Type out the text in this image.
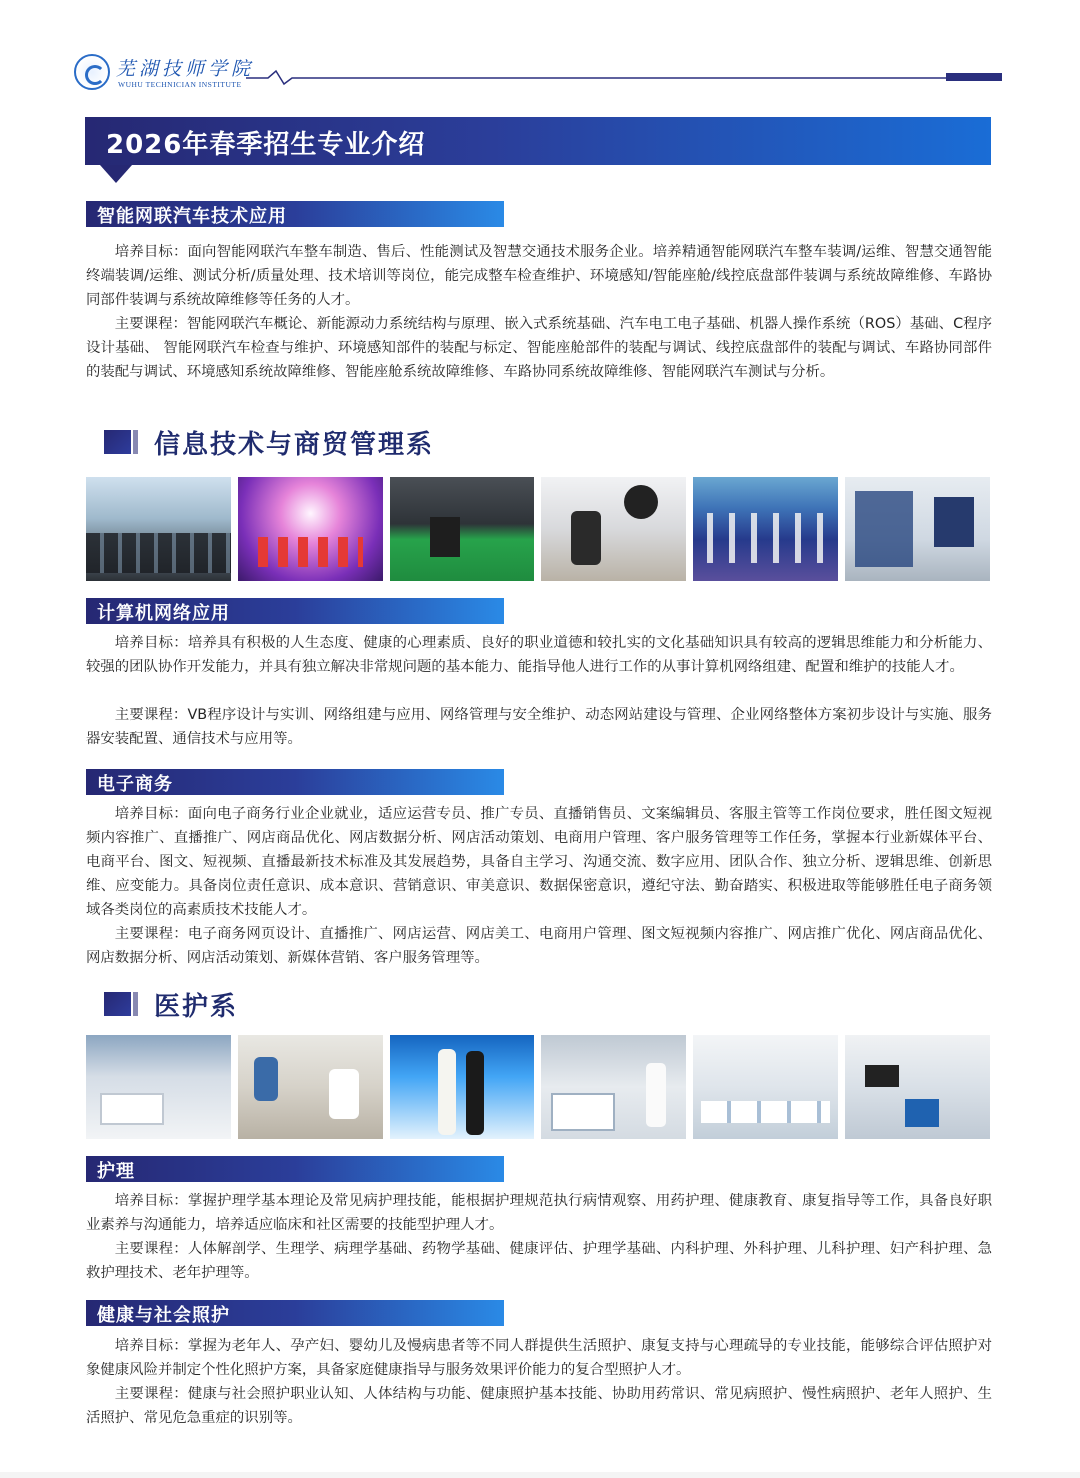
芜湖技师学院
WUHU TECHNICIAN INSTITUTE
2026年春季招生专业介绍
智能网联汽车技术应用

培养目标：面向智能网联汽车整车制造、售后、性能测试及智慧交通技术服务企业。培养精通智能网联汽车整车装调/运维、智慧交通智能终端装调/运维、测试分析/质量处理、技术培训等岗位，能完成整车检查维护、环境感知/智能座舱/线控底盘部件装调与系统故障维修、车路协同部件装调与系统故障维修等任务的人才。

主要课程：智能网联汽车概论、新能源动力系统结构与原理、嵌入式系统基础、汽车电工电子基础、机器人操作系统（ROS）基础、C程序设计基础、 智能网联汽车检查与维护、环境感知部件的装配与标定、智能座舱部件的装配与调试、线控底盘部件的装配与调试、车路协同部件的装配与调试、环境感知系统故障维修、智能座舱系统故障维修、车路协同系统故障维修、智能网联汽车测试与分析。

信息技术与商贸管理系
计算机网络应用

培养目标：培养具有积极的人生态度、健康的心理素质、良好的职业道德和较扎实的文化基础知识具有较高的逻辑思维能力和分析能力、较强的团队协作开发能力，并具有独立解决非常规问题的基本能力、能指导他人进行工作的从事计算机网络组建、配置和维护的技能人才。

主要课程：VB程序设计与实训、网络组建与应用、网络管理与安全维护、动态网站建设与管理、企业网络整体方案初步设计与实施、服务器安装配置、通信技术与应用等。

电子商务

培养目标：面向电子商务行业企业就业，适应运营专员、推广专员、直播销售员、文案编辑员、客服主管等工作岗位要求，胜任图文短视频内容推广、直播推广、网店商品优化、网店数据分析、网店活动策划、电商用户管理、客户服务管理等工作任务，掌握本行业新媒体平台、电商平台、图文、短视频、直播最新技术标准及其发展趋势，具备自主学习、沟通交流、数字应用、团队合作、独立分析、逻辑思维、创新思维、应变能力。具备岗位责任意识、成本意识、营销意识、审美意识、数据保密意识，遵纪守法、勤奋踏实、积极进取等能够胜任电子商务领域各类岗位的高素质技术技能人才。

主要课程：电子商务网页设计、直播推广、网店运营、网店美工、电商用户管理、图文短视频内容推广、网店推广优化、网店商品优化、网店数据分析、网店活动策划、新媒体营销、客户服务管理等。

医护系
护理

培养目标：掌握护理学基本理论及常见病护理技能，能根据护理规范执行病情观察、用药护理、健康教育、康复指导等工作，具备良好职业素养与沟通能力，培养适应临床和社区需要的技能型护理人才。

主要课程：人体解剖学、生理学、病理学基础、药物学基础、健康评估、护理学基础、内科护理、外科护理、儿科护理、妇产科护理、急救护理技术、老年护理等。

健康与社会照护

培养目标：掌握为老年人、孕产妇、婴幼儿及慢病患者等不同人群提供生活照护、康复支持与心理疏导的专业技能，能够综合评估照护对象健康风险并制定个性化照护方案，具备家庭健康指导与服务效果评价能力的复合型照护人才。

主要课程：健康与社会照护职业认知、人体结构与功能、健康照护基本技能、协助用药常识、常见病照护、慢性病照护、老年人照护、生活照护、常见危急重症的识别等。
